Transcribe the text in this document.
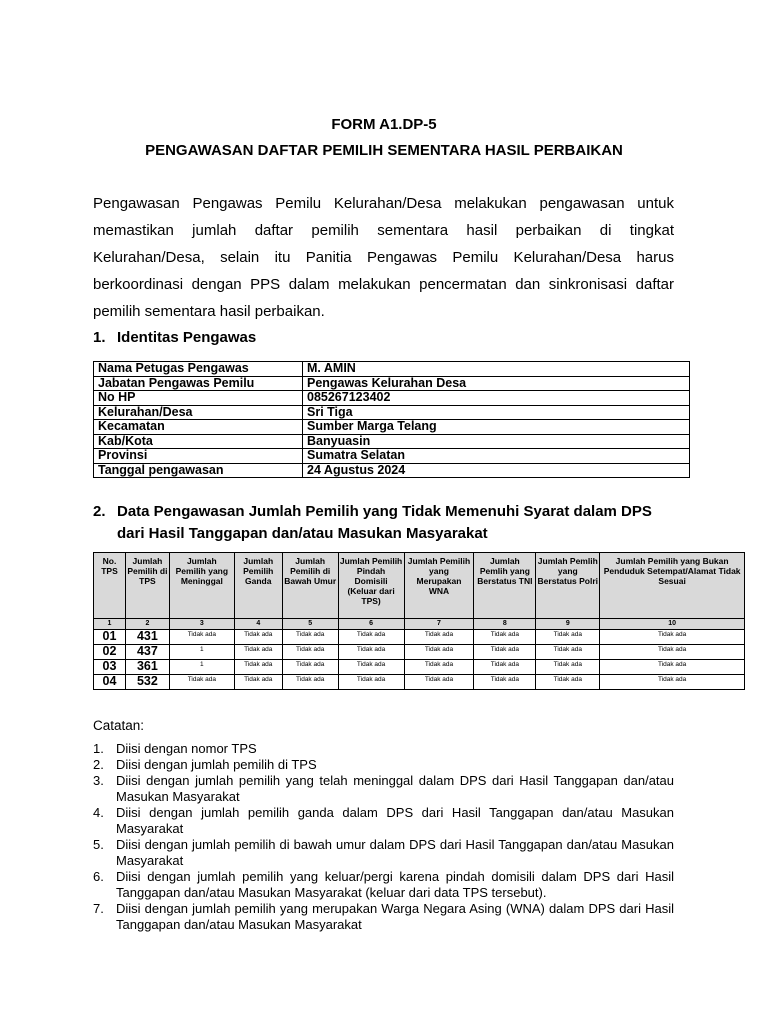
FORM A1.DP-5
PENGAWASAN DAFTAR PEMILIH SEMENTARA HASIL PERBAIKAN

Pengawasan Pengawas Pemilu Kelurahan/Desa melakukan pengawasan untuk memastikan jumlah daftar pemilih sementara hasil perbaikan di tingkat Kelurahan/Desa, selain itu Panitia Pengawas Pemilu Kelurahan/Desa harus berkoordinasi dengan PPS dalam melakukan pencermatan dan sinkronisasi daftar pemilih sementara hasil perbaikan.

1. Identitas Pengawas
Nama Petugas Pengawas	M. AMIN
Jabatan Pengawas Pemilu	Pengawas Kelurahan Desa
No HP	085267123402
Kelurahan/Desa	Sri Tiga
Kecamatan	Sumber Marga Telang
Kab/Kota	Banyuasin
Provinsi	Sumatra Selatan
Tanggal pengawasan	24 Agustus 2024
2. Data Pengawasan Jumlah Pemilih yang Tidak Memenuhi Syarat dalam DPS dari Hasil Tanggapan dan/atau Masukan Masyarakat
No. TPS	Jumlah Pemilih di TPS	Jumlah Pemilih yang Meninggal	Jumlah Pemilih Ganda	Jumlah Pemilih di Bawah Umur	Jumlah Pemilih Pindah Domisili (Keluar dari TPS)	Jumlah Pemilih yang Merupakan WNA	Jumlah Pemlih yang Berstatus TNI	Jumlah Pemlih yang Berstatus Polri	Jumlah Pemilih yang Bukan Penduduk Setempat/Alamat Tidak Sesuai
1	2	3	4	5	6	7	8	9	10
01	431	Tidak ada	Tidak ada	Tidak ada	Tidak ada	Tidak ada	Tidak ada	Tidak ada	Tidak ada
02	437	1	Tidak ada	Tidak ada	Tidak ada	Tidak ada	Tidak ada	Tidak ada	Tidak ada
03	361	1	Tidak ada	Tidak ada	Tidak ada	Tidak ada	Tidak ada	Tidak ada	Tidak ada
04	532	Tidak ada	Tidak ada	Tidak ada	Tidak ada	Tidak ada	Tidak ada	Tidak ada	Tidak ada
Catatan:
1. Diisi dengan nomor TPS
2. Diisi dengan jumlah pemilih di TPS
3. Diisi dengan jumlah pemilih yang telah meninggal dalam DPS dari Hasil Tanggapan dan/atau Masukan Masyarakat
4. Diisi dengan jumlah pemilih ganda dalam DPS dari Hasil Tanggapan dan/atau Masukan Masyarakat
5. Diisi dengan jumlah pemilih di bawah umur dalam DPS dari Hasil Tanggapan dan/atau Masukan Masyarakat
6. Diisi dengan jumlah pemilih yang keluar/pergi karena pindah domisili dalam DPS dari Hasil Tanggapan dan/atau Masukan Masyarakat (keluar dari data TPS tersebut).
7. Diisi dengan jumlah pemilih yang merupakan Warga Negara Asing (WNA) dalam DPS dari Hasil Tanggapan dan/atau Masukan Masyarakat
